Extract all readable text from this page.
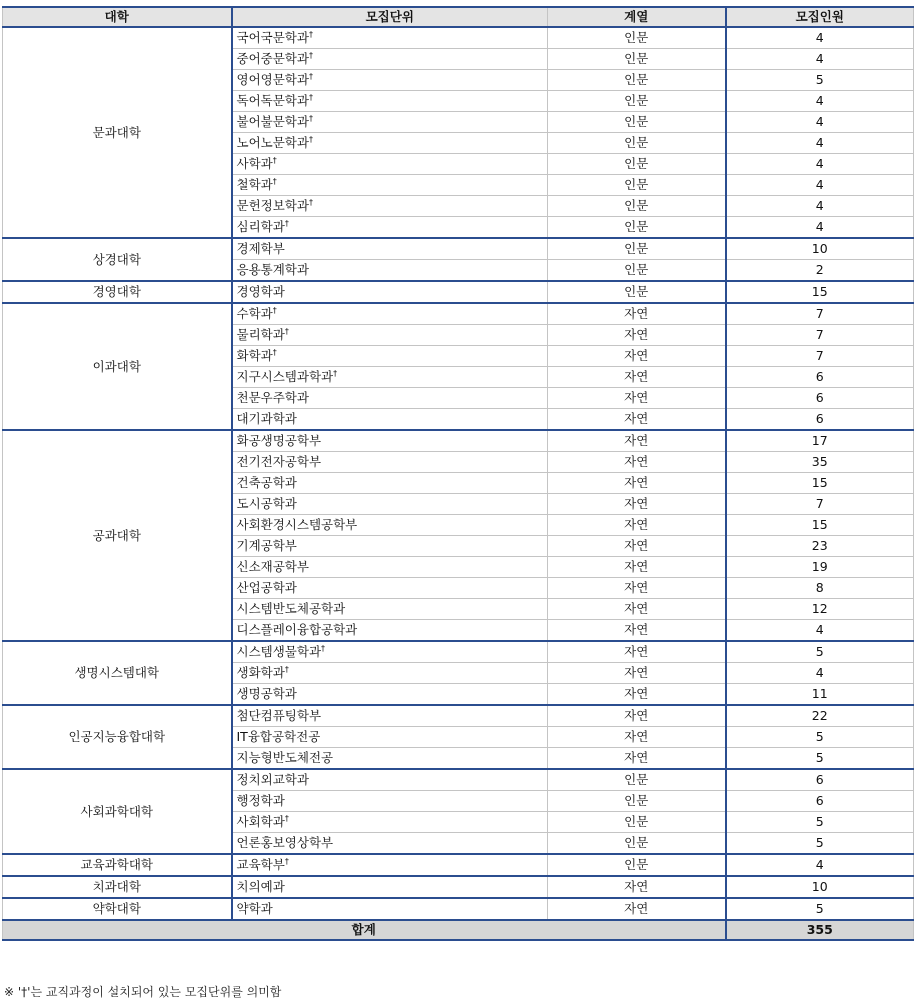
대학	모집단위	계열	모집인원
문과대학	국어국문학과†	인문	4
	중어중문학과†	인문	4
	영어영문학과†	인문	5
	독어독문학과†	인문	4
	불어불문학과†	인문	4
	노어노문학과†	인문	4
	사학과†	인문	4
	철학과†	인문	4
	문헌정보학과†	인문	4
	심리학과†	인문	4
상경대학	경제학부	인문	10
	응용통계학과	인문	2
경영대학	경영학과	인문	15
이과대학	수학과†	자연	7
	물리학과†	자연	7
	화학과†	자연	7
	지구시스템과학과†	자연	6
	천문우주학과	자연	6
	대기과학과	자연	6
공과대학	화공생명공학부	자연	17
	전기전자공학부	자연	35
	건축공학과	자연	15
	도시공학과	자연	7
	사회환경시스템공학부	자연	15
	기계공학부	자연	23
	신소재공학부	자연	19
	산업공학과	자연	8
	시스템반도체공학과	자연	12
	디스플레이융합공학과	자연	4
생명시스템대학	시스템생물학과†	자연	5
	생화학과†	자연	4
	생명공학과	자연	11
인공지능융합대학	첨단컴퓨팅학부	자연	22
	IT융합공학전공	자연	5
	지능형반도체전공	자연	5
사회과학대학	정치외교학과	인문	6
	행정학과	인문	6
	사회학과†	인문	5
	언론홍보영상학부	인문	5
교육과학대학	교육학부†	인문	4
치과대학	치의예과	자연	10
약학대학	약학과	자연	5
합계			355
※ '†'는 교직과정이 설치되어 있는 모집단위를 의미함
